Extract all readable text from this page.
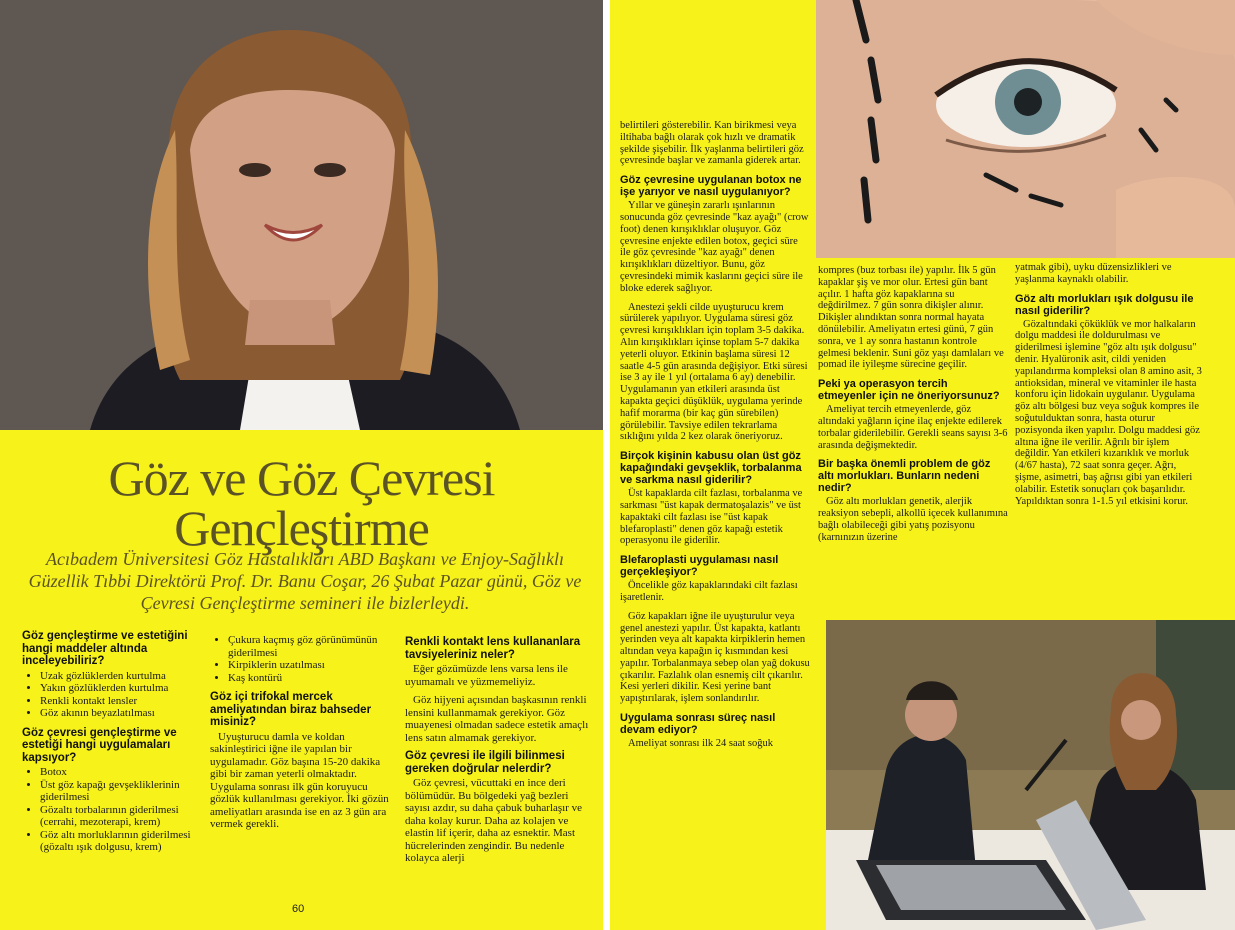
Göz ve Göz Çevresi
Gençleştirme
Acıbadem Üniversitesi Göz Hastalıkları ABD Başkanı ve Enjoy-Sağlıklı Güzellik Tıbbi Direktörü Prof. Dr. Banu Coşar, 26 Şubat Pazar günü, Göz ve Çevresi Gençleştirme semineri ile bizlerleydi.
Göz gençleştirme ve estetiğini hangi maddeler altında inceleyebiliriz?
• Uzak gözlüklerden kurtulma
• Yakın gözlüklerden kurtulma
• Renkli kontakt lensler
• Göz akının beyazlatılması
Göz çevresi gençleştirme ve estetiği hangi uygulamaları kapsıyor?
• Botox
• Üst göz kapağı gevşekliklerinin giderilmesi
• Gözaltı torbalarının giderilmesi (cerrahi, mezoterapi, krem)
• Göz altı morluklarının giderilmesi (gözaltı ışık dolgusu, krem)
• Çukura kaçmış göz görünümünün giderilmesi
• Kirpiklerin uzatılması
• Kaş kontürü
Göz içi trifokal mercek ameliyatından biraz bahseder misiniz?

Uyuşturucu damla ve koldan sakinleştirici iğne ile yapılan bir uygulamadır. Göz başına 15-20 dakika gibi bir zaman yeterli olmaktadır. Uygulama sonrası ilk gün koruyucu gözlük kullanılması gerekiyor. İki gözün ameliyatları arasında ise en az 3 gün ara vermek gerekli.

Renkli kontakt lens kullananlara tavsiyeleriniz neler?

Eğer gözümüzde lens varsa lens ile uyumamalı ve yüzmemeliyiz.

Göz hijyeni açısından başkasının renkli lensini kullanmamak gerekiyor. Göz muayenesi olmadan sadece estetik amaçlı lens satın almamak gerekiyor.

Göz çevresi ile ilgili bilinmesi gereken doğrular nelerdir?

Göz çevresi, vücuttaki en ince deri bölümüdür. Bu bölgedeki yağ bezleri sayısı azdır, su daha çabuk buharlaşır ve daha kolay kurur. Daha az kolajen ve elastin lif içerir, daha az esnektir. Mast hücrelerinden zengindir. Bu nedenle kolayca alerji

60

belirtileri gösterebilir. Kan birikmesi veya iltihaba bağlı olarak çok hızlı ve dramatik şekilde şişebilir. İlk yaşlanma belirtileri göz çevresinde başlar ve zamanla giderek artar.

Göz çevresine uygulanan botox ne işe yarıyor ve nasıl uygulanıyor?

Yıllar ve güneşin zararlı ışınlarının sonucunda göz çevresinde "kaz ayağı" (crow foot) denen kırışıklıklar oluşuyor. Göz çevresine enjekte edilen botox, geçici süre ile göz çevresinde "kaz ayağı" denen kırışıklıkları düzeltiyor. Bunu, göz çevresindeki mimik kaslarını geçici süre ile bloke ederek sağlıyor.

Anestezi şekli cilde uyuşturucu krem sürülerek yapılıyor. Uygulama süresi göz çevresi kırışıklıkları için toplam 3-5 dakika. Alın kırışıklıkları içinse toplam 5-7 dakika yeterli oluyor. Etkinin başlama süresi 12 saatle 4-5 gün arasında değişiyor. Etki süresi ise 3 ay ile 1 yıl (ortalama 6 ay) denebilir. Uygulamanın yan etkileri arasında üst kapakta geçici düşüklük, uygulama yerinde hafif morarma (bir kaç gün sürebilen) görülebilir. Tavsiye edilen tekrarlama sıklığını yılda 2 kez olarak öneriyoruz.

Birçok kişinin kabusu olan üst göz kapağındaki gevşeklik, torbalanma ve sarkma nasıl giderilir?

Üst kapaklarda cilt fazlası, torbalanma ve sarkması "üst kapak dermatoşalazis" ve üst kapaktaki cilt fazlası ise "üst kapak blefaroplasti" denen göz kapağı estetik operasyonu ile giderilir.

Blefaroplasti uygulaması nasıl gerçekleşiyor?

Öncelikle göz kapaklarındaki cilt fazlası işaretlenir.

Göz kapakları iğne ile uyuşturulur veya genel anestezi yapılır. Üst kapakta, katlantı yerinden veya alt kapakta kirpiklerin hemen altından veya kapağın iç kısmından kesi yapılır. Torbalanmaya sebep olan yağ dokusu çıkarılır. Fazlalık olan esnemiş cilt çıkarılır. Kesi yerleri dikilir. Kesi yerine bant yapıştırılarak, işlem sonlandırılır.

Uygulama sonrası süreç nasıl devam ediyor?

Ameliyat sonrası ilk 24 saat soğuk

kompres (buz torbası ile) yapılır. İlk 5 gün kapaklar şiş ve mor olur. Ertesi gün bant açılır. 1 hafta göz kapaklarına su değdirilmez. 7 gün sonra dikişler alınır. Dikişler alındıktan sonra normal hayata dönülebilir. Ameliyatın ertesi günü, 7 gün sonra, ve 1 ay sonra hastanın kontrole gelmesi beklenir. Suni göz yaşı damlaları ve pomad ile iyileşme sürecine geçilir.

Peki ya operasyon tercih etmeyenler için ne öneriyorsunuz?

Ameliyat tercih etmeyenlerde, göz altındaki yağların içine ilaç enjekte edilerek torbalar giderilebilir. Gerekli seans sayısı 3-6 arasında değişmektedir.

Bir başka önemli problem de göz altı morlukları. Bunların nedeni nedir?

Göz altı morlukları genetik, alerjik reaksiyon sebepli, alkollü içecek kullanımına bağlı olabileceği gibi yatış pozisyonu (karnınızın üzerine

yatmak gibi), uyku düzensizlikleri ve yaşlanma kaynaklı olabilir.

Göz altı morlukları ışık dolgusu ile nasıl giderilir?

Gözaltındaki çöküklük ve mor halkaların dolgu maddesi ile doldurulması ve giderilmesi işlemine "göz altı ışık dolgusu" denir. Hyalüronik asit, cildi yeniden yapılandırma kompleksi olan 8 amino asit, 3 antioksidan, mineral ve vitaminler ile hasta konforu için lidokain uygulanır. Uygulama göz altı bölgesi buz veya soğuk kompres ile soğutulduktan sonra, hasta oturur pozisyonda iken yapılır. Dolgu maddesi göz altına iğne ile verilir. Ağrılı bir işlem değildir. Yan etkileri kızarıklık ve morluk (4/67 hasta), 72 saat sonra geçer. Ağrı, şişme, asimetri, baş ağrısı gibi yan etkileri olabilir. Estetik sonuçları çok başarılıdır. Yapıldıktan sonra 1-1.5 yıl etkisini korur.
